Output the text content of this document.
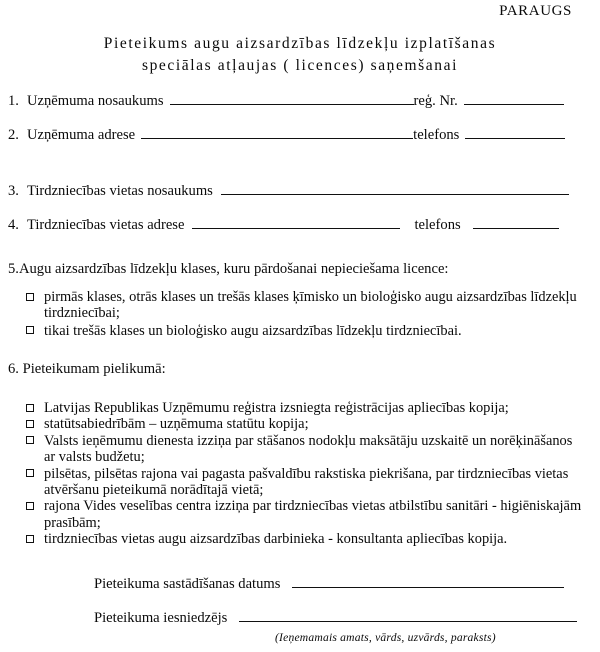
PARAUGS
Pieteikums augu aizsardzības līdzekļu izplatīšanas
speciālas atļaujas ( licences) saņemšanai
1. Uzņēmuma nosaukums	reģ. Nr.
2. Uzņēmuma adrese	telefons
3. Tirdzniecības vietas nosaukums
4. Tirdzniecības vietas adrese	telefons
5.Augu aizsardzības līdzekļu klases, kuru pārdošanai nepieciešama licence:
pirmās klases, otrās klases un trešās klases ķīmisko un bioloģisko augu aizsardzības līdzekļu tirdzniecībai;
tikai trešās klases un bioloģisko augu aizsardzības līdzekļu tirdzniecībai.
6. Pieteikumam pielikumā:
Latvijas Republikas Uzņēmumu reģistra izsniegta reģistrācijas apliecības kopija;
statūtsabiedrībām – uzņēmuma statūtu kopija;
Valsts ieņēmumu dienesta izziņa par stāšanos nodokļu maksātāju uzskaitē un norēķināšanos ar valsts budžetu;
pilsētas, pilsētas rajona vai pagasta pašvaldību rakstiska piekrišana, par tirdzniecības vietas atvēršanu pieteikumā norādītajā vietā;
rajona Vides veselības centra izziņa par tirdzniecības vietas atbilstību sanitāri - higiēniskajām prasībām;
tirdzniecības vietas augu aizsardzības darbinieka - konsultanta apliecības kopija.
Pieteikuma sastādīšanas datums
Pieteikuma iesniedzējs
(Ieņemamais amats, vārds, uzvārds, paraksts)
